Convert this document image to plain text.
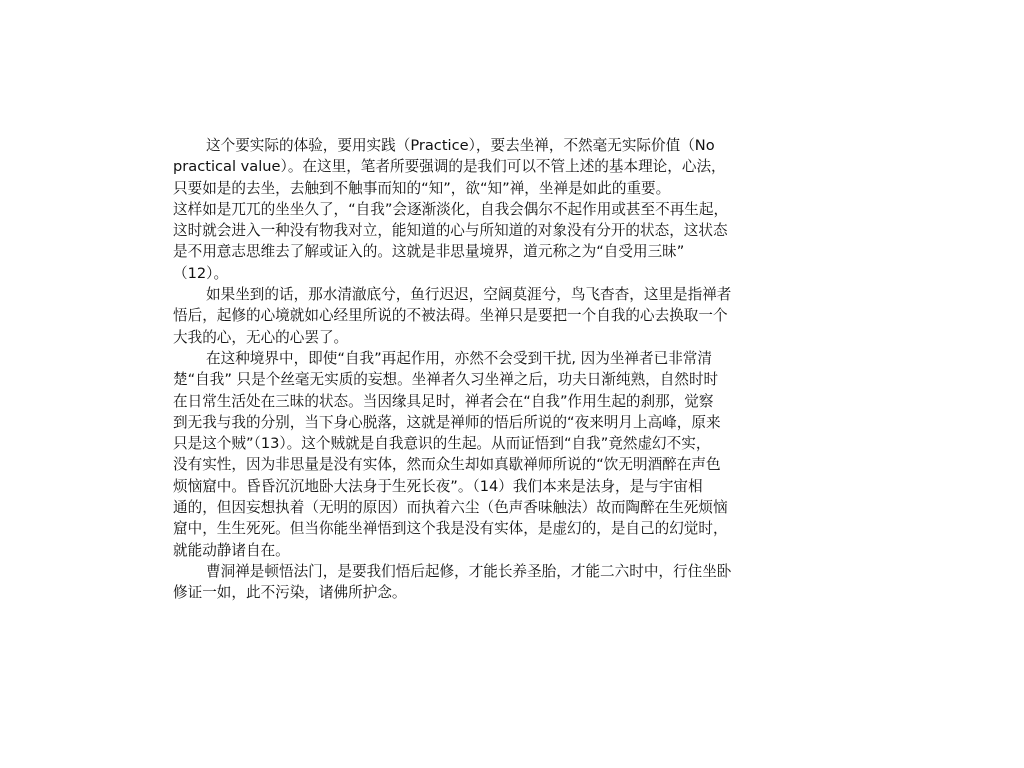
这个要实际的体验，要用实践（Practice），要去坐禅，不然毫无实际价值（No
practical value）。在这里，笔者所要强调的是我们可以不管上述的基本理论，心法，
只要如是的去坐，去触到不触事而知的“知”，欲“知”禅，坐禅是如此的重要。
这样如是兀兀的坐坐久了，“自我”会逐渐淡化，自我会偶尔不起作用或甚至不再生起，
这时就会进入一种没有物我对立，能知道的心与所知道的对象没有分开的状态，这状态
是不用意志思维去了解或证入的。这就是非思量境界，道元称之为“自受用三昧”
（12）。
如果坐到的话，那水清澈底兮，鱼行迟迟，空阔莫涯兮，鸟飞杳杳，这里是指禅者
悟后，起修的心境就如心经里所说的不被法碍。坐禅只是要把一个自我的心去换取一个
大我的心，无心的心罢了。
在这种境界中，即使“自我”再起作用，亦然不会受到干扰, 因为坐禅者已非常清
楚“自我” 只是个丝毫无实质的妄想。坐禅者久习坐禅之后，功夫日渐纯熟，自然时时
在日常生活处在三昧的状态。当因缘具足时，禅者会在“自我”作用生起的刹那，觉察
到无我与我的分别，当下身心脱落，这就是禅师的悟后所说的“夜来明月上高峰，原来
只是这个贼”（13）。这个贼就是自我意识的生起。从而证悟到“自我”竟然虚幻不实，
没有实性，因为非思量是没有实体，然而众生却如真歇禅师所说的“饮无明酒醉在声色
烦恼窟中。昏昏沉沉地卧大法身于生死长夜”。（14）我们本来是法身，是与宇宙相
通的，但因妄想执着（无明的原因）而执着六尘（色声香味触法）故而陶醉在生死烦恼
窟中，生生死死。但当你能坐禅悟到这个我是没有实体，是虚幻的，是自己的幻觉时，
就能动静诸自在。
曹洞禅是顿悟法门，是要我们悟后起修，才能长养圣胎，才能二六时中，行住坐卧
修证一如，此不污染，诸佛所护念。
